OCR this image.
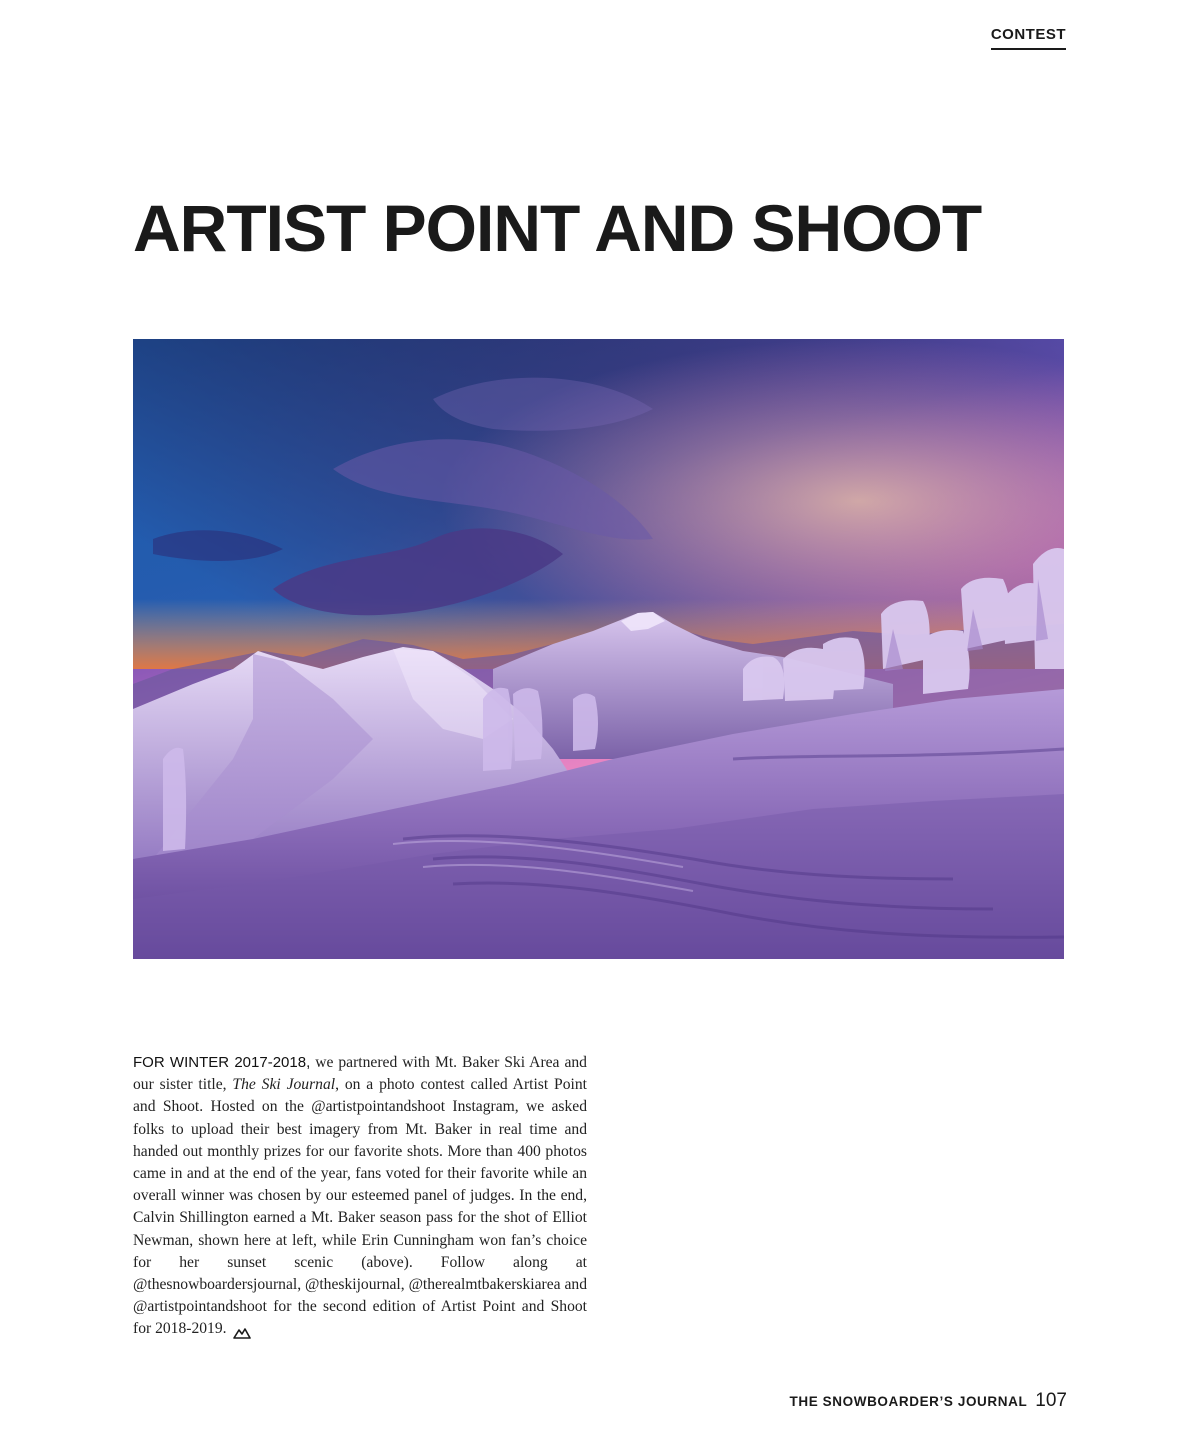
CONTEST
ARTIST POINT AND SHOOT

FOR WINTER 2017-2018, we partnered with Mt. Baker Ski Area and our sister title, The Ski Journal, on a photo contest called Artist Point and Shoot. Hosted on the @artistpointandshoot Instagram, we asked folks to upload their best imagery from Mt. Baker in real time and handed out monthly prizes for our favorite shots. More than 400 photos came in and at the end of the year, fans voted for their favorite while an overall winner was chosen by our esteemed panel of judges. In the end, Calvin Shillington earned a Mt. Baker season pass for the shot of Elliot Newman, shown here at left, while Erin Cunningham won fan’s choice for her sunset scenic (above). Follow along at @thesnowboardersjournal, @theskijournal, @therealmtbakerskiarea and @artistpointandshoot for the second edition of Artist Point and Shoot for 2018-2019.

THE SNOWBOARDER’S JOURNAL 107
